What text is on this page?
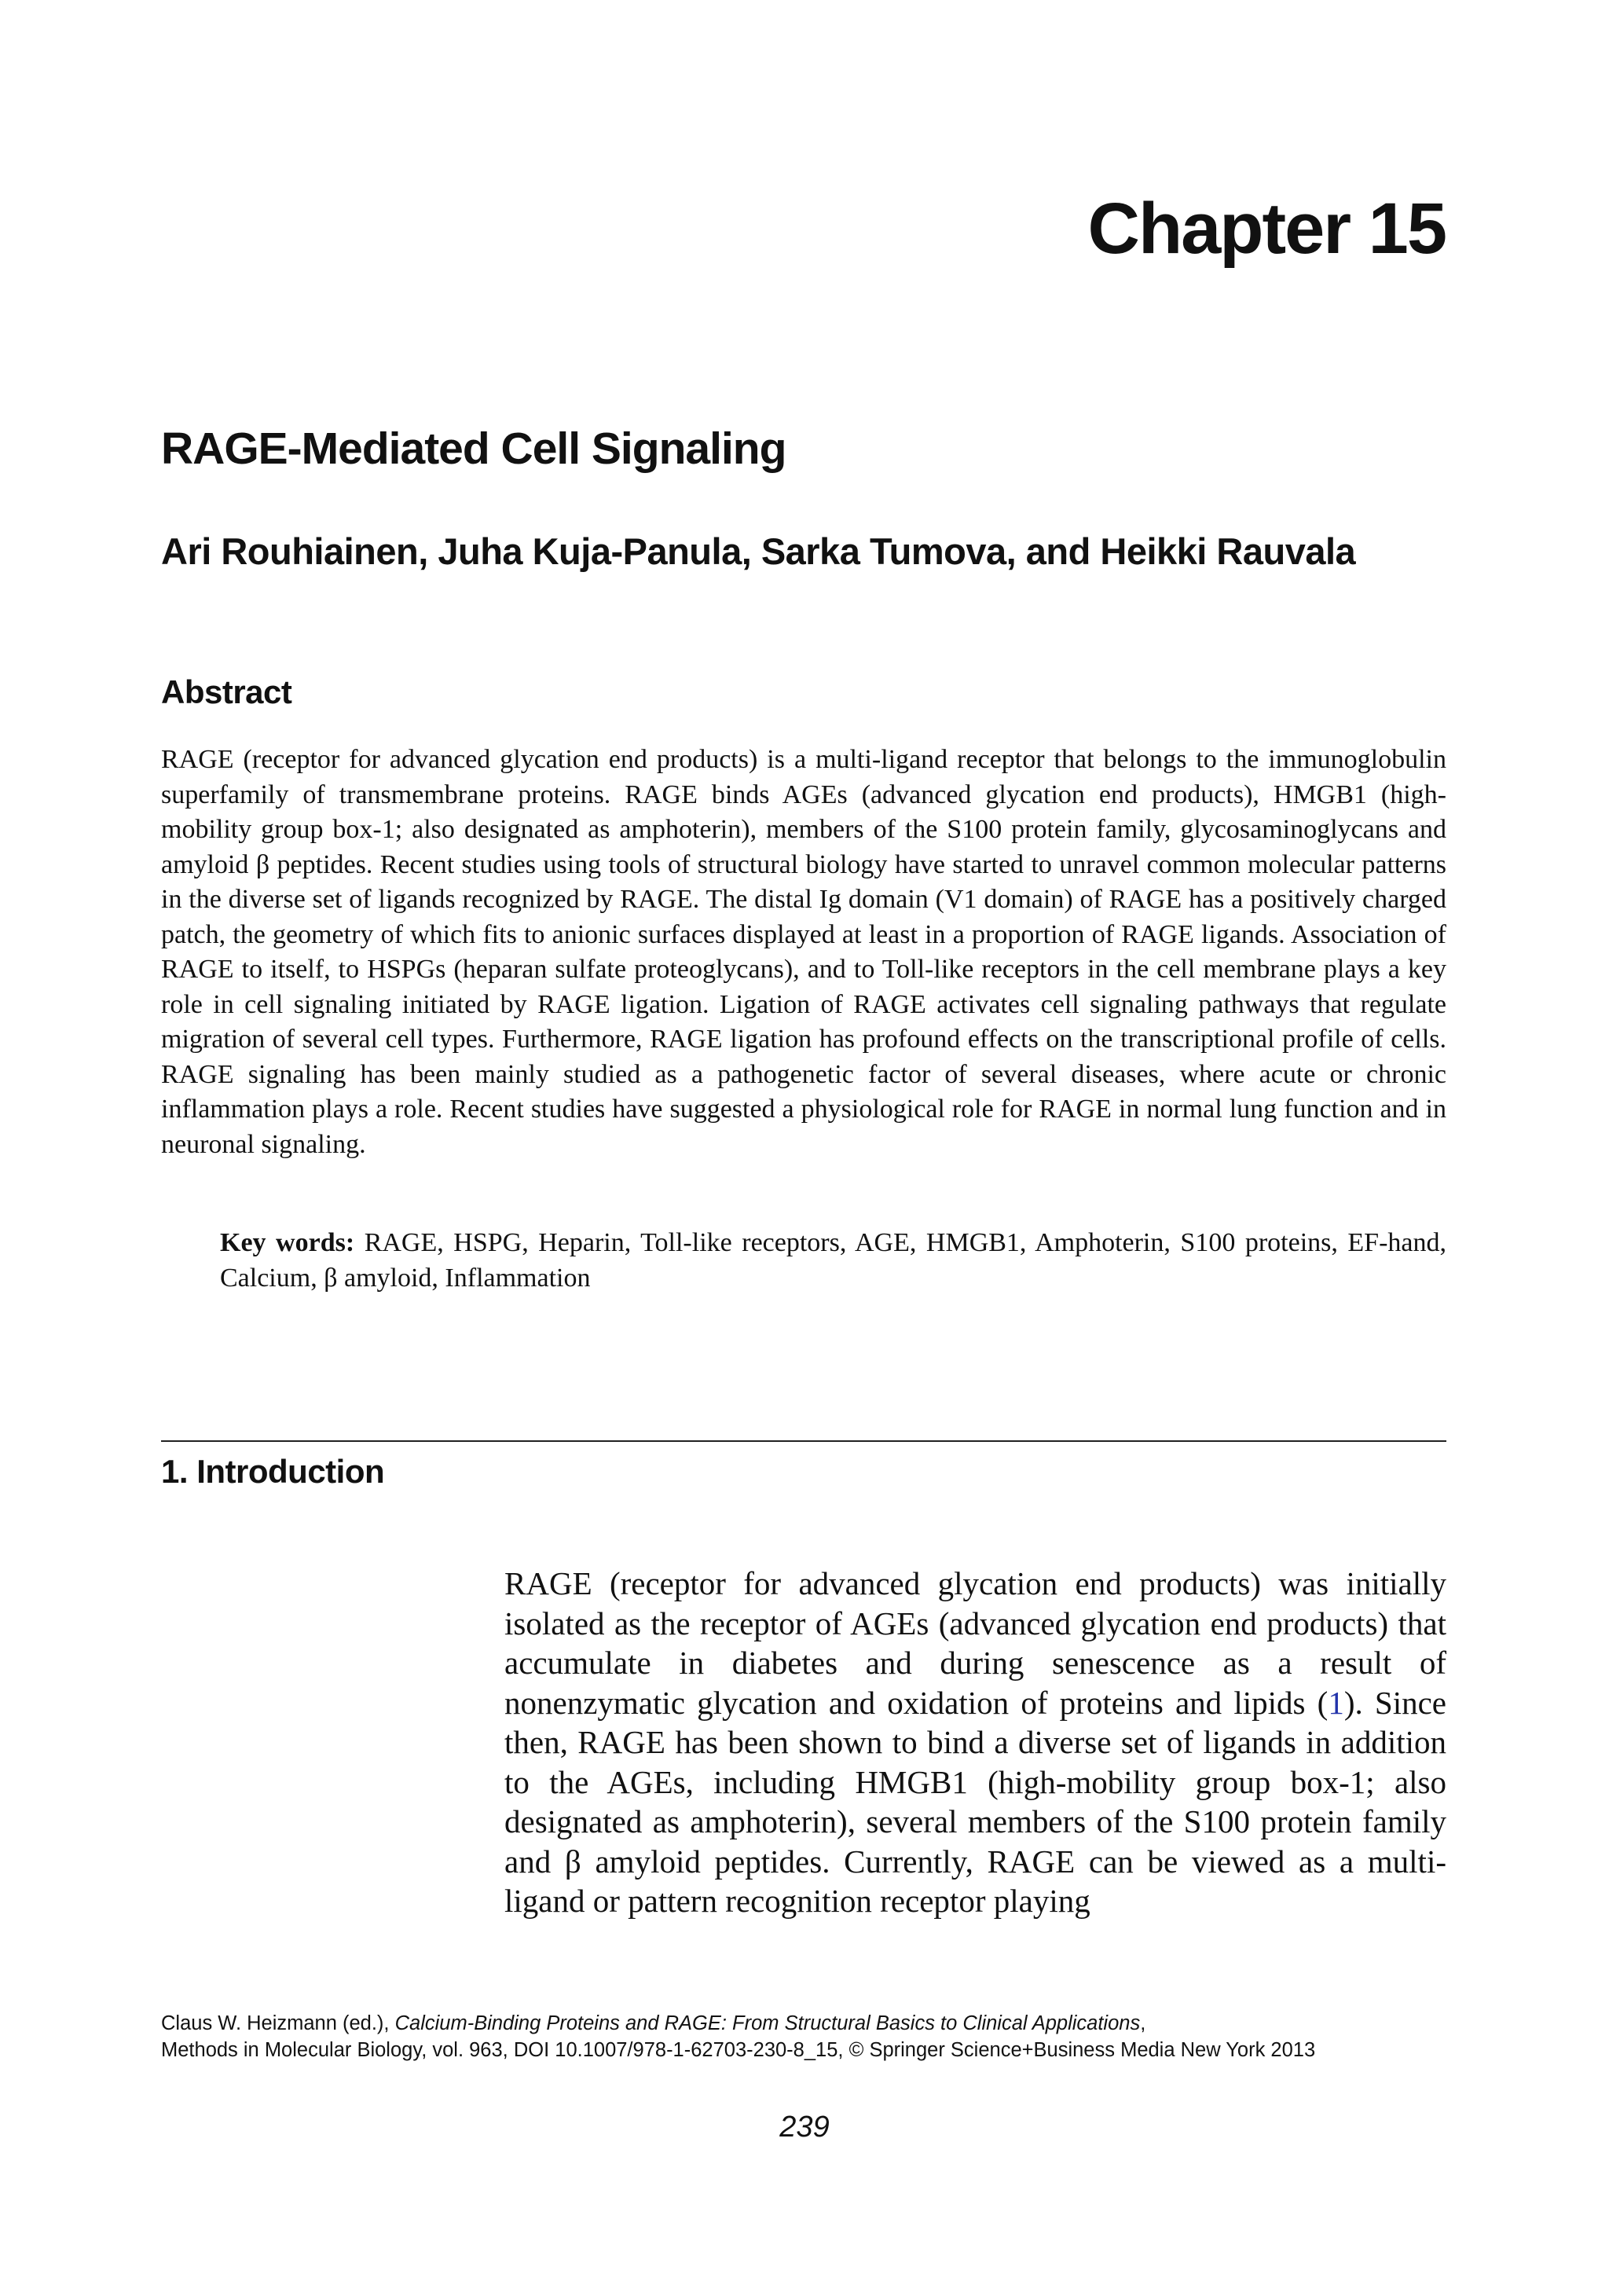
Chapter 15
RAGE-Mediated Cell Signaling
Ari Rouhiainen, Juha Kuja-Panula, Sarka Tumova, and Heikki Rauvala
Abstract
RAGE (receptor for advanced glycation end products) is a multi-ligand receptor that belongs to the immunoglobulin superfamily of transmembrane proteins. RAGE binds AGEs (advanced glycation end products), HMGB1 (high-mobility group box-1; also designated as amphoterin), members of the S100 protein family, glycosaminoglycans and amyloid β peptides. Recent studies using tools of structural biology have started to unravel common molecular patterns in the diverse set of ligands recognized by RAGE. The distal Ig domain (V1 domain) of RAGE has a positively charged patch, the geometry of which fits to anionic surfaces displayed at least in a proportion of RAGE ligands. Association of RAGE to itself, to HSPGs (heparan sulfate proteoglycans), and to Toll-like receptors in the cell membrane plays a key role in cell signaling initiated by RAGE ligation. Ligation of RAGE activates cell signaling pathways that regulate migration of several cell types. Furthermore, RAGE ligation has profound effects on the transcriptional profile of cells. RAGE signaling has been mainly studied as a pathogenetic factor of several diseases, where acute or chronic inflammation plays a role. Recent studies have suggested a physiological role for RAGE in normal lung function and in neuronal signaling.
Key words: RAGE, HSPG, Heparin, Toll-like receptors, AGE, HMGB1, Amphoterin, S100 proteins, EF-hand, Calcium, β amyloid, Inflammation
1. Introduction
RAGE (receptor for advanced glycation end products) was initially isolated as the receptor of AGEs (advanced glycation end products) that accumulate in diabetes and during senescence as a result of nonenzymatic glycation and oxidation of proteins and lipids (1). Since then, RAGE has been shown to bind a diverse set of ligands in addition to the AGEs, including HMGB1 (high-mobility group box-1; also designated as amphoterin), several members of the S100 protein family and β amyloid peptides. Currently, RAGE can be viewed as a multi-ligand or pattern recognition receptor playing
Claus W. Heizmann (ed.), Calcium-Binding Proteins and RAGE: From Structural Basics to Clinical Applications,
Methods in Molecular Biology, vol. 963, DOI 10.1007/978-1-62703-230-8_15, © Springer Science+Business Media New York 2013
239
